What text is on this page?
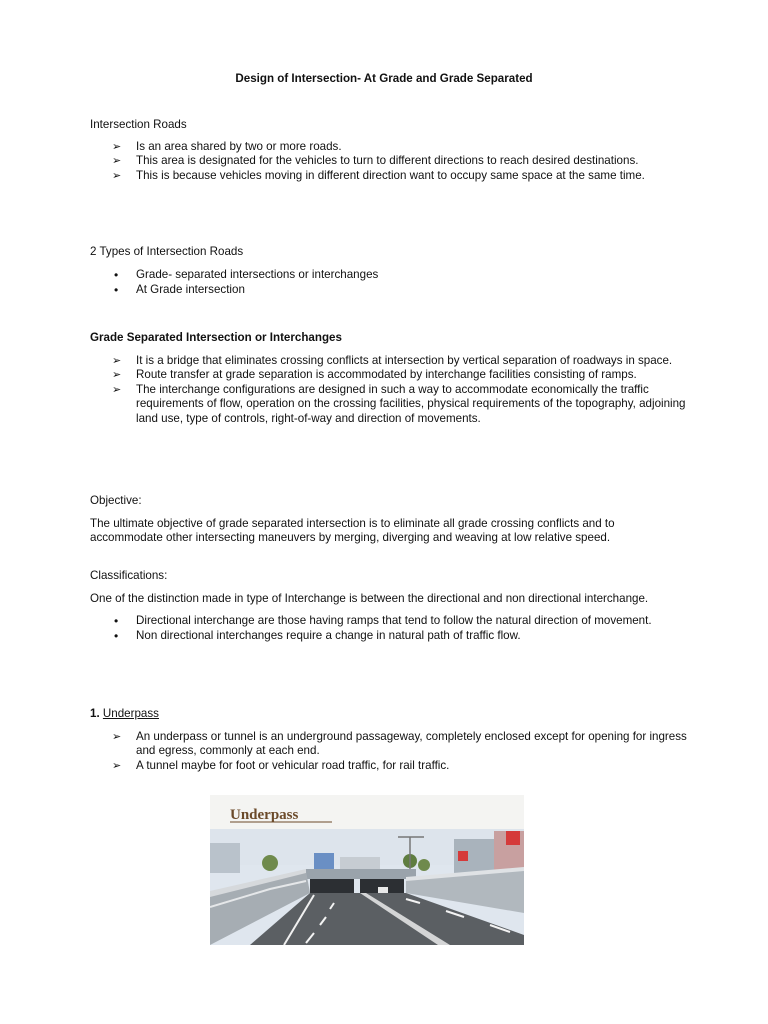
Design of Intersection- At Grade and Grade Separated

Intersection Roads

➢ Is an area shared by two or more roads.
➢ This area is designated for the vehicles to turn to different directions to reach desired destinations.
➢ This is because vehicles moving in different direction want to occupy same space at the same time.

2 Types of Intersection Roads

• Grade- separated intersections or interchanges
• At Grade intersection

Grade Separated Intersection or Interchanges

➢ It is a bridge that eliminates crossing conflicts at intersection by vertical separation of roadways in space.
➢ Route transfer at grade separation is accommodated by interchange facilities consisting of ramps.
➢ The interchange configurations are designed in such a way to accommodate economically the traffic requirements of flow, operation on the crossing facilities, physical requirements of the topography, adjoining land use, type of controls, right-of-way and direction of movements.

Objective:

The ultimate objective of grade separated intersection is to eliminate all grade crossing conflicts and to accommodate other intersecting maneuvers by merging, diverging and weaving at low relative speed.

Classifications:

One of the distinction made in type of Interchange is between the directional and non directional interchange.

• Directional interchange are those having ramps that tend to follow the natural direction of movement.
• Non directional interchanges require a change in natural path of traffic flow.

1. Underpass

➢ An underpass or tunnel is an underground passageway, completely enclosed except for opening for ingress and egress, commonly at each end.
➢ A tunnel maybe for foot or vehicular road traffic, for rail traffic.
Underpass
